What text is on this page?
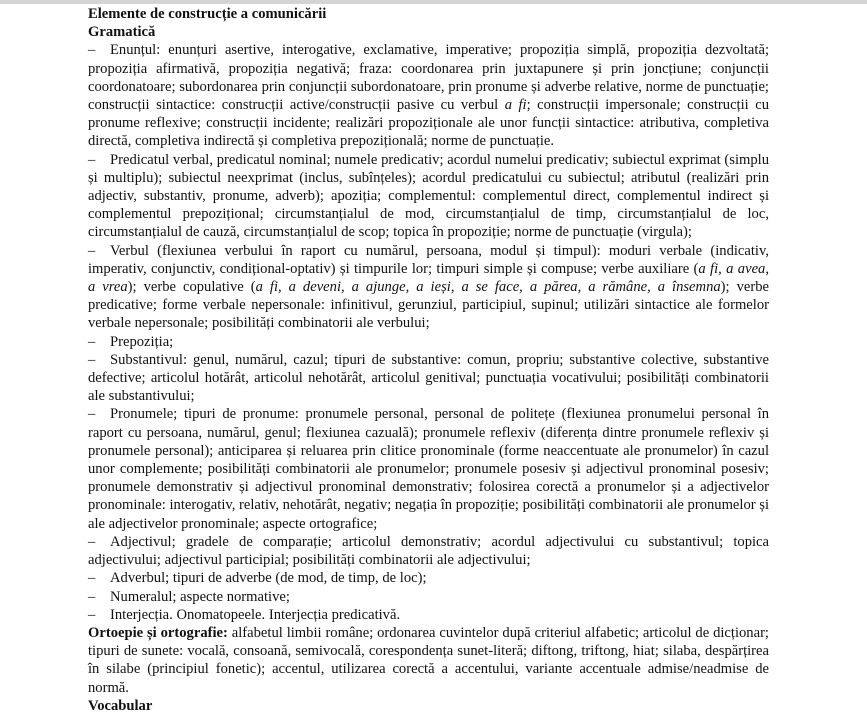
Elemente de construcție a comunicării

Gramatică

– Enunțul: enunțuri asertive, interogative, exclamative, imperative; propoziția simplă, propoziția dezvoltată; propoziția afirmativă, propoziția negativă; fraza: coordonarea prin juxtapunere și prin joncțiune; conjuncții coordonatoare; subordonarea prin conjuncții subordonatoare, prin pronume și adverbe relative, norme de punctuație; construcții sintactice: construcții active/construcții pasive cu verbul a fi; construcții impersonale; construcții cu pronume reflexive; construcții incidente; realizări propoziționale ale unor funcții sintactice: atributiva, completiva directă, completiva indirectă și completiva prepozițională; norme de punctuație.

– Predicatul verbal, predicatul nominal; numele predicativ; acordul numelui predicativ; subiectul exprimat (simplu și multiplu); subiectul neexprimat (inclus, subînțeles); acordul predicatului cu subiectul; atributul (realizări prin adjectiv, substantiv, pronume, adverb); apoziția; complementul: complementul direct, complementul indirect și complementul prepozițional; circumstanțialul de mod, circumstanțialul de timp, circumstanțialul de loc, circumstanțialul de cauză, circumstanțialul de scop; topica în propoziție; norme de punctuație (virgula);

– Verbul (flexiunea verbului în raport cu numărul, persoana, modul și timpul): moduri verbale (indicativ, imperativ, conjunctiv, condițional-optativ) și timpurile lor; timpuri simple și compuse; verbe auxiliare (a fi, a avea, a vrea); verbe copulative (a fi, a deveni, a ajunge, a ieși, a se face, a părea, a rămâne, a însemna); verbe predicative; forme verbale nepersonale: infinitivul, gerunziul, participiul, supinul; utilizări sintactice ale formelor verbale nepersonale; posibilități combinatorii ale verbului;

– Prepoziția;

– Substantivul: genul, numărul, cazul; tipuri de substantive: comun, propriu; substantive colective, substantive defective; articolul hotărât, articolul nehotărât, articolul genitival; punctuația vocativului; posibilități combinatorii ale substantivului;

– Pronumele; tipuri de pronume: pronumele personal, personal de politețe (flexiunea pronumelui personal în raport cu persoana, numărul, genul; flexiunea cazuală); pronumele reflexiv (diferența dintre pronumele reflexiv și pronumele personal); anticiparea și reluarea prin clitice pronominale (forme neaccentuate ale pronumelor) în cazul unor complemente; posibilități combinatorii ale pronumelor; pronumele posesiv și adjectivul pronominal posesiv; pronumele demonstrativ și adjectivul pronominal demonstrativ; folosirea corectă a pronumelor și a adjectivelor pronominale: interogativ, relativ, nehotărât, negativ; negația în propoziție; posibilități combinatorii ale pronumelor și ale adjectivelor pronominale; aspecte ortografice;

– Adjectivul; gradele de comparație; articolul demonstrativ; acordul adjectivului cu substantivul; topica adjectivului; adjectivul participial; posibilități combinatorii ale adjectivului;

– Adverbul; tipuri de adverbe (de mod, de timp, de loc);

– Numeralul; aspecte normative;

– Interjecția. Onomatopeele. Interjecția predicativă.

Ortoepie și ortografie: alfabetul limbii române; ordonarea cuvintelor după criteriul alfabetic; articolul de dicționar; tipuri de sunete: vocală, consoană, semivocală, corespondența sunet-literă; diftong, triftong, hiat; silaba, despărțirea în silabe (principiul fonetic); accentul, utilizarea corectă a accentului, variante accentuale admise/neadmise de normă.

Vocabular
